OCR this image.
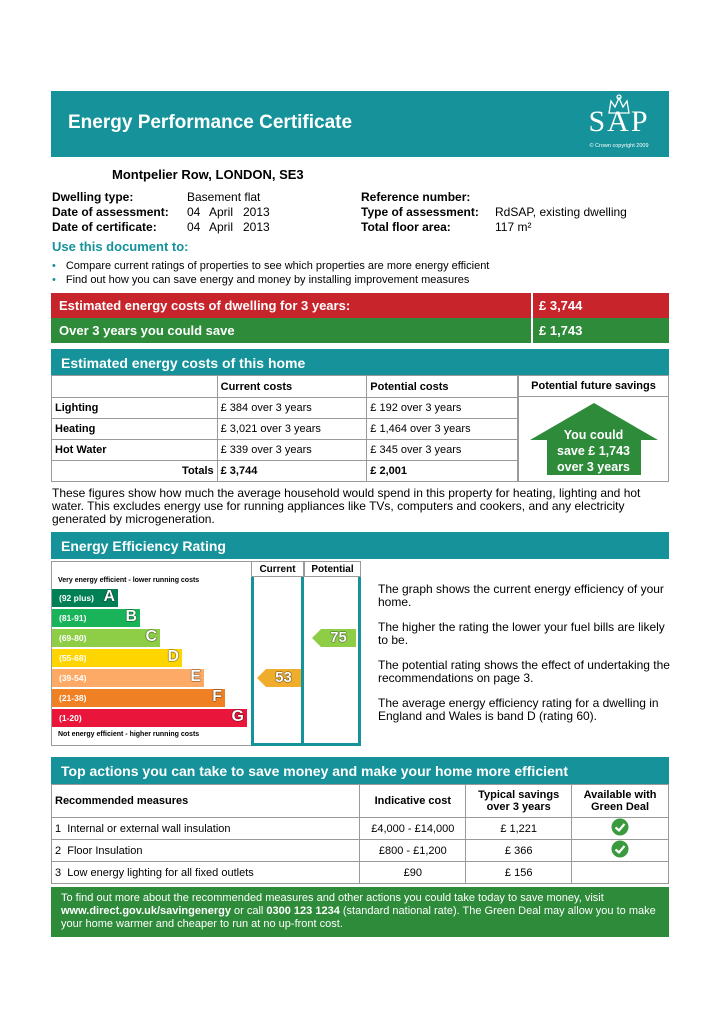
Energy Performance Certificate	SAP
© Crown copyright 2009
Montpelier Row, LONDON, SE3
Dwelling type:	Basement flat
Date of assessment: 04 April 2013
Date of certificate:	04 April 2013
Reference number:
Type of assessment: RdSAP, existing dwelling
Total floor area:	117 m²
Use this document to:
• Compare current ratings of properties to see which properties are more energy efficient
• Find out how you can save energy and money by installing improvement measures
Estimated energy costs of dwelling for 3 years:	£ 3,744
Over 3 years you could save	£ 1,743
Estimated energy costs of this home
	Current costs	Potential costs
Lighting	£ 384 over 3 years	£ 192 over 3 years
Heating	£ 3,021 over 3 years	£ 1,464 over 3 years
Hot Water	£ 339 over 3 years	£ 345 over 3 years
Totals	£ 3,744	£ 2,001
Potential future savings
You could
save £ 1,743
over 3 years
These figures show how much the average household would spend in this property for heating, lighting and hot water. This excludes energy use for running appliances like TVs, computers and cookers, and any electricity generated by microgeneration.
Energy Efficiency Rating
Current	Potential
Very energy efficient - lower running costs
Not energy efficient - higher running costs
(92 plus) A
(81-91) B
(69-80)	C
(55-68)	D
(39-54)	E
(21-38)	F
(1-20)	G
53
75

The graph shows the current energy efficiency of your home.

The higher the rating the lower your fuel bills are likely to be.

The potential rating shows the effect of undertaking the recommendations on page 3.

The average energy efficiency rating for a dwelling in England and Wales is band D (rating 60).

Top actions you can take to save money and make your home more efficient
Recommended measures	Indicative cost	Typical savings over 3 years	Available with Green Deal
1 Internal or external wall insulation	£4,000 - £14,000	£ 1,221	
2 Floor Insulation	£800 - £1,200	£ 366	
3 Low energy lighting for all fixed outlets	£90	£ 156	
To find out more about the recommended measures and other actions you could take today to save money, visit www.direct.gov.uk/savingenergy or call 0300 123 1234 (standard national rate). The Green Deal may allow you to make your home warmer and cheaper to run at no up-front cost.
